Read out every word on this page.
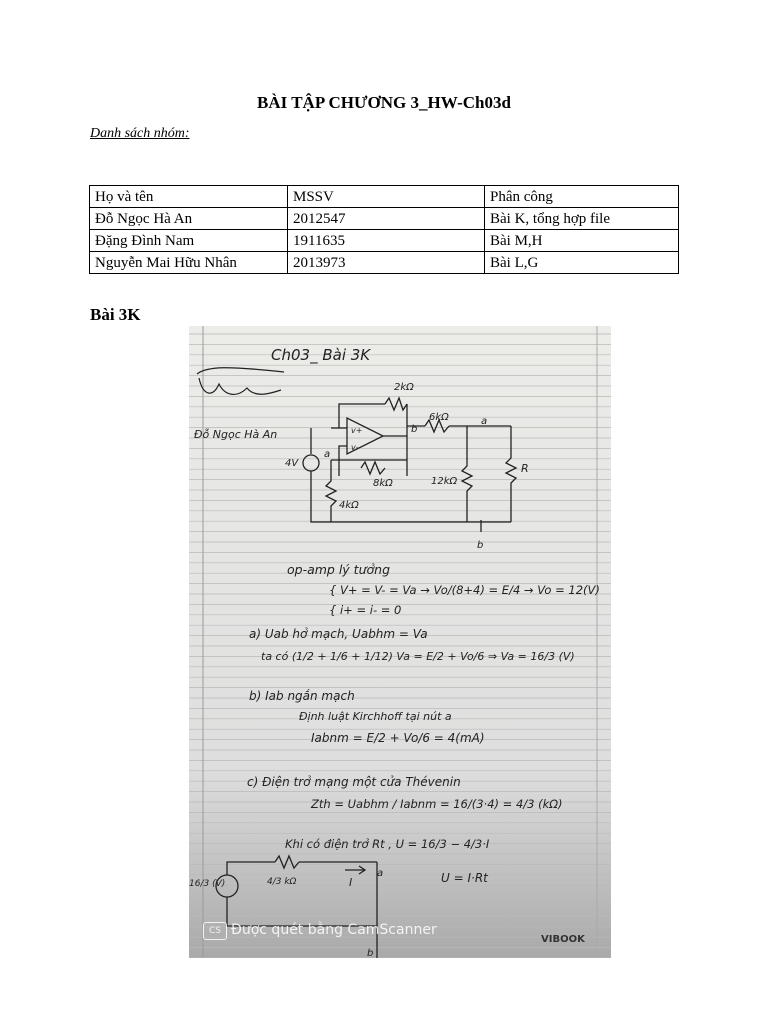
BÀI TẬP CHƯƠNG 3_HW-Ch03d
Danh sách nhóm:
Họ và tên	MSSV	Phân công
Đỗ Ngọc Hà An	2012547	Bài K, tổng hợp file
Đặng Đình Nam	1911635	Bài M,H
Nguyễn Mai Hữu Nhân	2013973	Bài L,G
Bài 3K
Ch03_ Bài 3K
Đỗ Ngọc Hà An
2kΩ
6kΩ
8kΩ
4kΩ
12kΩ
R
4V
a
a
b
b
v+
v-
op-amp lý tưởng
{ V+ = V- = Va → Vo/(8+4) = E/4 → Vo = 12(V)
{ i+ = i- = 0
a) Uab hở mạch, Uabhm = Va
ta có (1/2 + 1/6 + 1/12) Va = E/2 + Vo/6 ⇒ Va = 16/3 (V)
b) Iab ngắn mạch
Định luật Kirchhoff tại nút a
Iabnm = E/2 + Vo/6 = 4(mA)
c) Điện trở mạng một cửa Thévenin
Zth = Uabhm / Iabnm = 16/(3·4) = 4/3 (kΩ)
Khi có điện trở Rt , U = 16/3 − 4/3·I
U = I·Rt
16/3 (V)	4/3 kΩ	I
a
b
CS Được quét bằng CamScanner
VIBOOK
